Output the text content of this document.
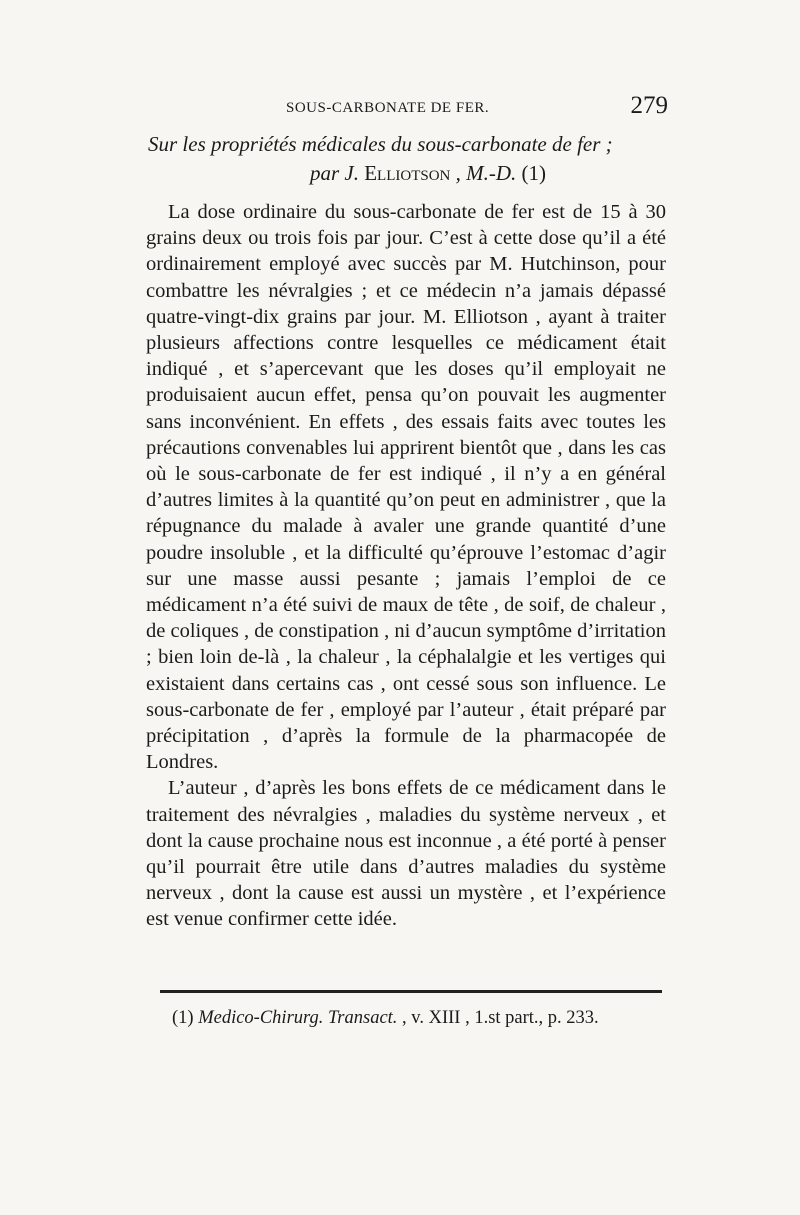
SOUS-CARBONATE DE FER.	279
Sur les propriétés médicales du sous-carbonate de fer ;
par J. Elliotson , M.-D. (1)

La dose ordinaire du sous-carbonate de fer est de 15 à 30 grains deux ou trois fois par jour. C’est à cette dose qu’il a été ordinairement employé avec succès par M. Hutchinson, pour combattre les névralgies ; et ce médecin n’a jamais dépassé quatre-vingt-dix grains par jour. M. Elliotson , ayant à traiter plusieurs affections contre lesquelles ce médicament était indiqué , et s’apercevant que les doses qu’il employait ne produisaient aucun effet, pensa qu’on pouvait les augmenter sans inconvénient. En effets , des essais faits avec toutes les précautions convenables lui apprirent bientôt que , dans les cas où le sous-carbonate de fer est indiqué , il n’y a en général d’autres limites à la quantité qu’on peut en administrer , que la répugnance du malade à avaler une grande quantité d’une poudre insoluble , et la difficulté qu’éprouve l’estomac d’agir sur une masse aussi pesante ; jamais l’emploi de ce médicament n’a été suivi de maux de tête , de soif, de chaleur , de coliques , de constipation , ni d’aucun symptôme d’irritation ; bien loin de-là , la chaleur , la céphalalgie et les vertiges qui existaient dans certains cas , ont cessé sous son influence. Le sous-carbonate de fer , employé par l’auteur , était préparé par précipitation , d’après la formule de la pharmacopée de Londres.

L’auteur , d’après les bons effets de ce médicament dans le traitement des névralgies , maladies du système nerveux , et dont la cause prochaine nous est inconnue , a été porté à penser qu’il pourrait être utile dans d’autres maladies du système nerveux , dont la cause est aussi un mystère , et l’expérience est venue confirmer cette idée.

(1) Medico-Chirurg. Transact. , v. XIII , 1.st part., p. 233.
